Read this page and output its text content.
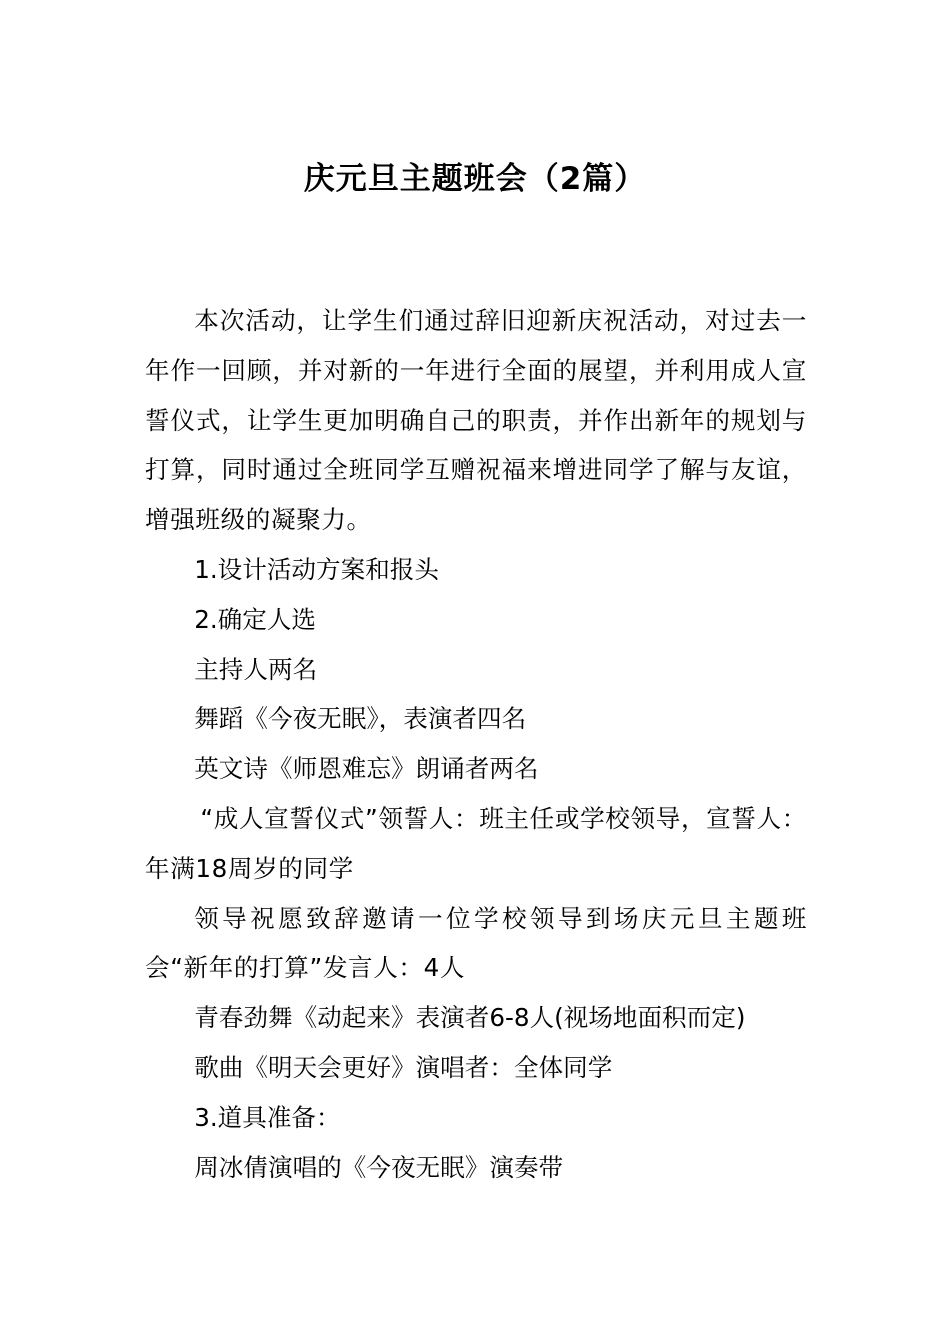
庆元旦主题班会（2篇）

本次活动，让学生们通过辞旧迎新庆祝活动，对过去一年作一回顾，并对新的一年进行全面的展望，并利用成人宣誓仪式，让学生更加明确自己的职责，并作出新年的规划与打算，同时通过全班同学互赠祝福来增进同学了解与友谊，增强班级的凝聚力。

1.设计活动方案和报头

2.确定人选

主持人两名

舞蹈《今夜无眠》，表演者四名

英文诗《师恩难忘》朗诵者两名

“成人宣誓仪式”领誓人：班主任或学校领导，宣誓人：年满18周岁的同学

领导祝愿致辞邀请一位学校领导到场庆元旦主题班会“新年的打算”发言人：4人

青春劲舞《动起来》表演者6-8人(视场地面积而定)

歌曲《明天会更好》演唱者：全体同学

3.道具准备：

周冰倩演唱的《今夜无眠》演奏带
